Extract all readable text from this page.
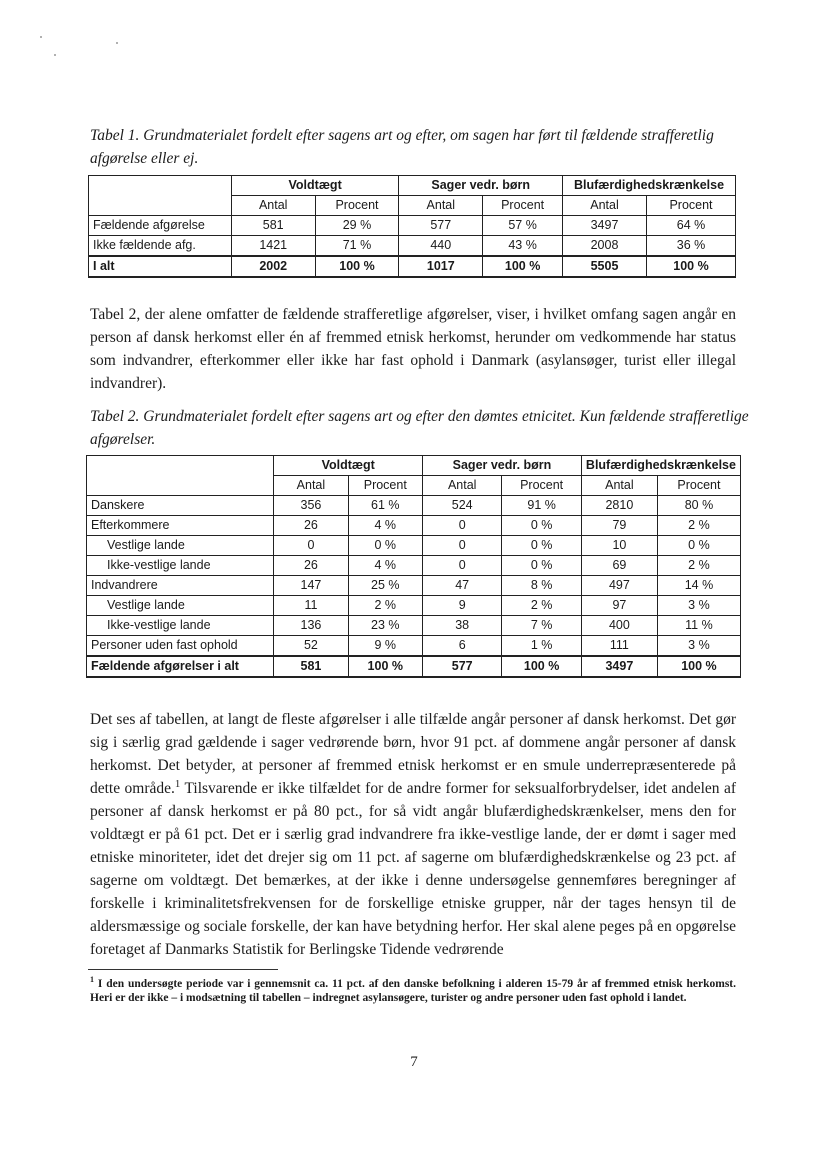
Tabel 1. Grundmaterialet fordelt efter sagens art og efter, om sagen har ført til fældende strafferetlig afgørelse eller ej.

	Voldtægt		Sager vedr. børn		Blufærdighedskrænkelse	
	Antal	Procent	Antal	Procent	Antal	Procent
Fældende afgørelse	581	29 %	577	57 %	3497	64 %
Ikke fældende afg.	1421	71 %	440	43 %	2008	36 %
I alt	2002	100 %	1017	100 %	5505	100 %

Tabel 2, der alene omfatter de fældende strafferetlige afgørelser, viser, i hvilket omfang sagen angår en person af dansk herkomst eller én af fremmed etnisk herkomst, herunder om vedkommende har status som indvandrer, efterkommer eller ikke har fast ophold i Danmark (asylansøger, turist eller illegal indvandrer).

Tabel 2. Grundmaterialet fordelt efter sagens art og efter den dømtes etnicitet. Kun fældende strafferetlige afgørelser.

	Voldtægt		Sager vedr. børn		Blufærdighedskrænkelse	
	Antal	Procent	Antal	Procent	Antal	Procent
Danskere	356	61 %	524	91 %	2810	80 %
Efterkommere	26	4 %	0	0 %	79	2 %
Vestlige lande	0	0 %	0	0 %	10	0 %
Ikke-vestlige lande	26	4 %	0	0 %	69	2 %
Indvandrere	147	25 %	47	8 %	497	14 %
Vestlige lande	11	2 %	9	2 %	97	3 %
Ikke-vestlige lande	136	23 %	38	7 %	400	11 %
Personer uden fast ophold	52	9 %	6	1 %	111	3 %
Fældende afgørelser i alt	581	100 %	577	100 %	3497	100 %

Det ses af tabellen, at langt de fleste afgørelser i alle tilfælde angår personer af dansk herkomst. Det gør sig i særlig grad gældende i sager vedrørende børn, hvor 91 pct. af dommene angår personer af dansk herkomst. Det betyder, at personer af fremmed etnisk herkomst er en smule underrepræsenterede på dette område.$^1$ Tilsvarende er ikke tilfældet for de andre former for seksualforbrydelser, idet andelen af personer af dansk herkomst er på 80 pct., for så vidt angår blufærdighedskrænkelser, mens den for voldtægt er på 61 pct. Det er i særlig grad indvandrere fra ikke-vestlige lande, der er dømt i sager med etniske minoriteter, idet det drejer sig om 11 pct. af sagerne om blufærdighedskrænkelse og 23 pct. af sagerne om voldtægt. Det bemærkes, at der ikke i denne undersøgelse gennemføres beregninger af forskelle i kriminalitetsfrekvensen for de forskellige etniske grupper, når der tages hensyn til de aldersmæssige og sociale forskelle, der kan have betydning herfor. Her skal alene peges på en opgørelse foretaget af Danmarks Statistik for Berlingske Tidende vedrørende

$^1$ I den undersøgte periode var i gennemsnit ca. 11 pct. af den danske befolkning i alderen 15-79 år af fremmed etnisk herkomst. Heri er der ikke – i modsætning til tabellen – indregnet asylansøgere, turister og andre personer uden fast ophold i landet.

7
